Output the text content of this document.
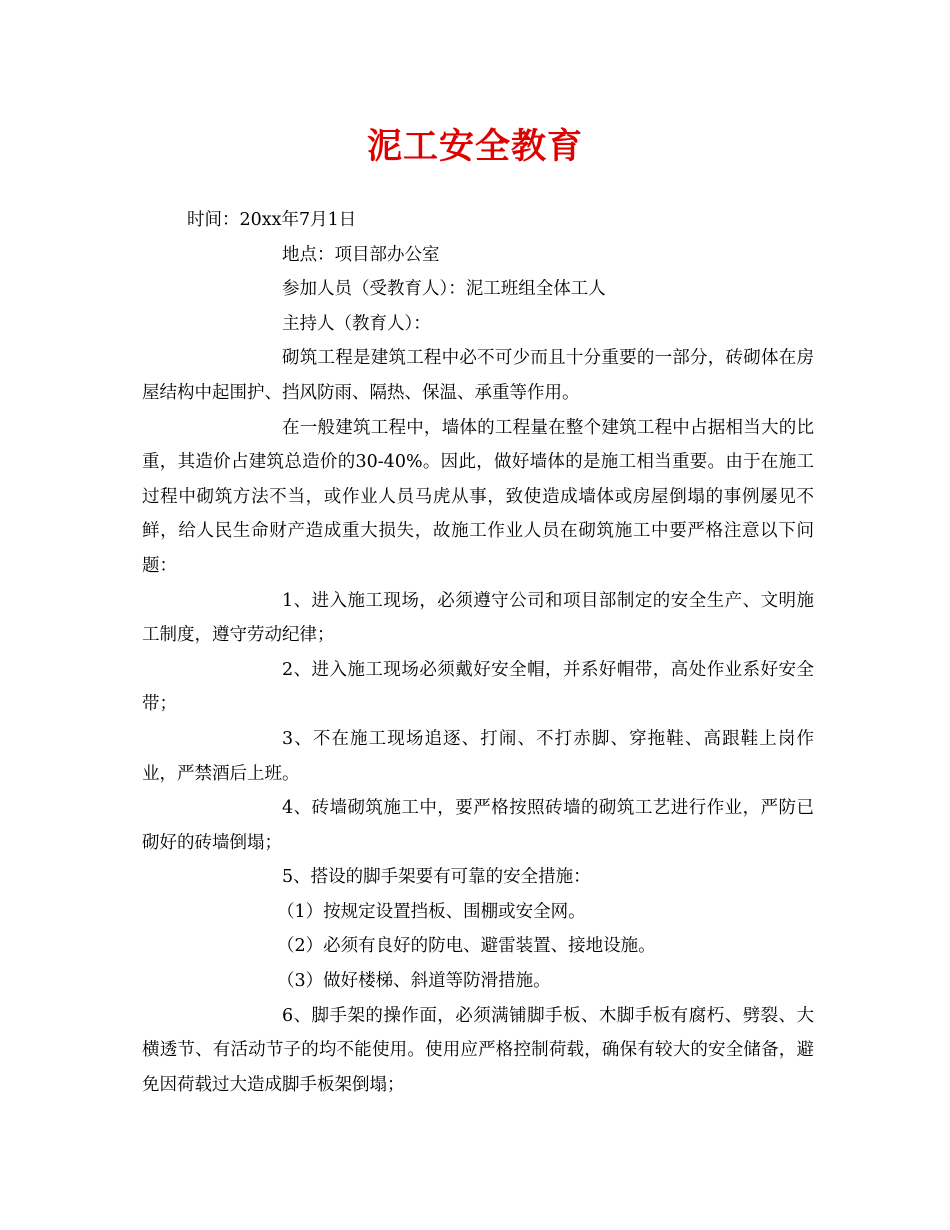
泥工安全教育

时间：20xx年7月1日

地点：项目部办公室

参加人员（受教育人）：泥工班组全体工人

主持人（教育人）：

砌筑工程是建筑工程中必不可少而且十分重要的一部分，砖砌体在房屋结构中起围护、挡风防雨、隔热、保温、承重等作用。

在一般建筑工程中，墙体的工程量在整个建筑工程中占据相当大的比重，其造价占建筑总造价的30-40%。因此，做好墙体的是施工相当重要。由于在施工过程中砌筑方法不当，或作业人员马虎从事，致使造成墙体或房屋倒塌的事例屡见不鲜，给人民生命财产造成重大损失，故施工作业人员在砌筑施工中要严格注意以下问题：

1、进入施工现场，必须遵守公司和项目部制定的安全生产、文明施工制度，遵守劳动纪律；

2、进入施工现场必须戴好安全帽，并系好帽带，高处作业系好安全带；

3、不在施工现场追逐、打闹、不打赤脚、穿拖鞋、高跟鞋上岗作业，严禁酒后上班。

4、砖墙砌筑施工中，要严格按照砖墙的砌筑工艺进行作业，严防已砌好的砖墙倒塌；

5、搭设的脚手架要有可靠的安全措施：

（1）按规定设置挡板、围棚或安全网。

（2）必须有良好的防电、避雷装置、接地设施。

（3）做好楼梯、斜道等防滑措施。

6、脚手架的操作面，必须满铺脚手板、木脚手板有腐朽、劈裂、大横透节、有活动节子的均不能使用。使用应严格控制荷载，确保有较大的安全储备，避免因荷载过大造成脚手板架倒塌；
